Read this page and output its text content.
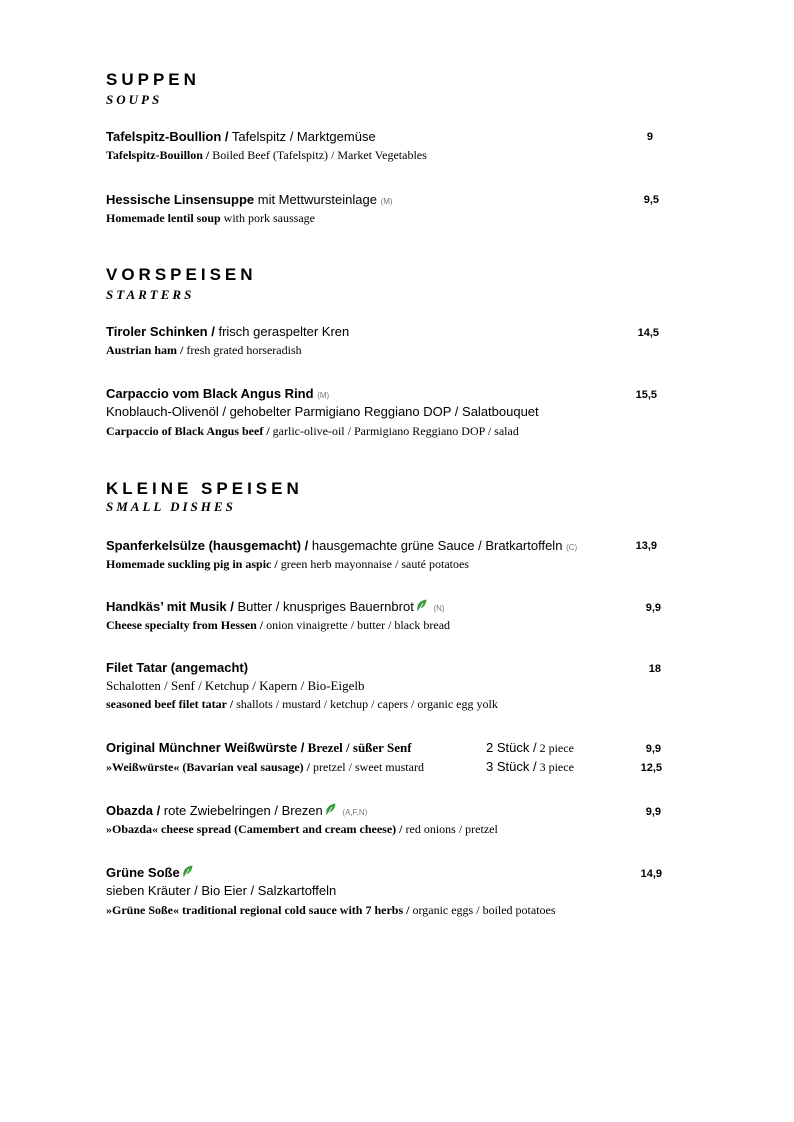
SUPPEN
SOUPS
Tafelspitz-Boullion / Tafelspitz / Marktgemüse
Tafelspitz-Bouillon / Boiled Beef (Tafelspitz) / Market Vegetables
9
Hessische Linsensuppe mit Mettwursteinlage (M)
Homemade lentil soup with pork saussage
9,5
VORSPEISEN
STARTERS
Tiroler Schinken / frisch geraspelter Kren
Austrian ham / fresh grated horseradish
14,5
Carpaccio vom Black Angus Rind (M)
Knoblauch-Olivenöl / gehobelter Parmigiano Reggiano DOP / Salatbouquet
Carpaccio of Black Angus beef / garlic-olive-oil / Parmigiano Reggiano DOP / salad
15,5
KLEINE SPEISEN
SMALL DISHES
Spanferkelsülze (hausgemacht) / hausgemachte grüne Sauce / Bratkartoffeln (C)
Homemade suckling pig in aspic / green herb mayonnaise / sauté potatoes
13,9
Handkäs’ mit Musik / Butter / knuspriges Bauernbrot (N)
Cheese specialty from Hessen / onion vinaigrette / butter / black bread
9,9
Filet Tatar (angemacht)
Schalotten / Senf / Ketchup / Kapern / Bio-Eigelb
seasoned beef filet tatar / shallots / mustard / ketchup / capers / organic egg yolk
18
Original Münchner Weißwürste / Brezel / süßer Senf
»Weißwürste« (Bavarian veal sausage) / pretzel / sweet mustard
2 Stück / 2 piece
3 Stück / 3 piece
9,9
12,5
Obazda / rote Zwiebelringen / Brezen (A,F,N)
»Obazda« cheese spread (Camembert and cream cheese) / red onions / pretzel
9,9
Grüne Soße
sieben Kräuter / Bio Eier / Salzkartoffeln
»Grüne Soße« traditional regional cold sauce with 7 herbs / organic eggs / boiled potatoes
14,9
